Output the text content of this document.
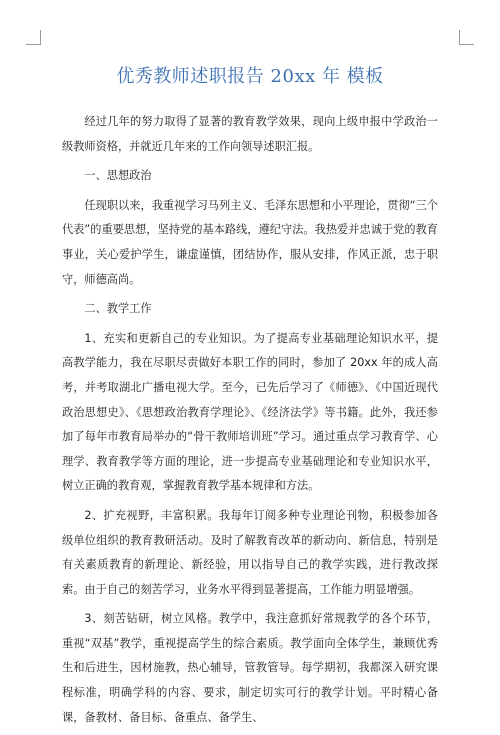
优秀教师述职报告 20xx 年 模板

经过几年的努力取得了显著的教育教学效果，现向上级申报中学政治一级教师资格，并就近几年来的工作向领导述职汇报。

一、思想政治

任现职以来，我重视学习马列主义、毛泽东思想和小平理论，贯彻“三个代表”的重要思想，坚持党的基本路线，遵纪守法。我热爱并忠诚于党的教育事业，关心爱护学生，谦虚谨慎，团结协作，服从安排，作风正派，忠于职守，师德高尚。

二、教学工作

1、充实和更新自己的专业知识。为了提高专业基础理论知识水平，提高教学能力，我在尽职尽责做好本职工作的同时，参加了 20xx 年的成人高考，并考取湖北广播电视大学。至今，已先后学习了《师德》、《中国近现代政治思想史》、《思想政治教育学理论》、《经济法学》等书籍。此外，我还参加了每年市教育局举办的“骨干教师培训班”学习。通过重点学习教育学、心理学、教育教学等方面的理论，进一步提高专业基础理论和专业知识水平，树立正确的教育观，掌握教育教学基本规律和方法。

2、扩充视野，丰富积累。我每年订阅多种专业理论刊物，积极参加各级单位组织的教育教研活动。及时了解教育改革的新动向、新信息，特别是有关素质教育的新理论、新经验，用以指导自己的教学实践，进行教改探索。由于自己的刻苦学习，业务水平得到显著提高，工作能力明显增强。

3、刻苦钻研，树立风格。教学中，我注意抓好常规教学的各个环节，重视“双基”教学，重视提高学生的综合素质。教学面向全体学生，兼顾优秀生和后进生，因材施教，热心辅导，管教管导。每学期初，我都深入研究课程标准，明确学科的内容、要求，制定切实可行的教学计划。平时精心备课，备教材、备目标、备重点、备学生、
